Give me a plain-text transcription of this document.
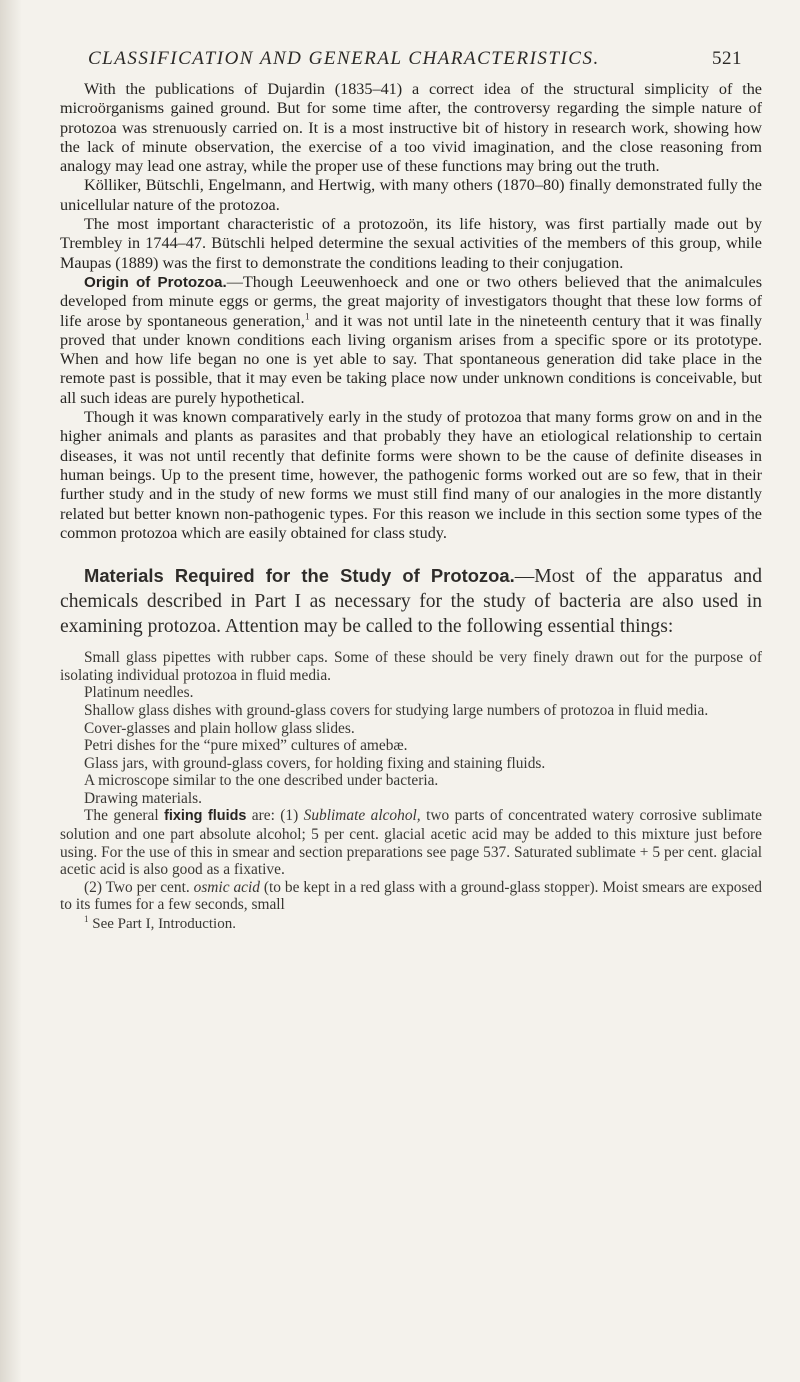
CLASSIFICATION AND GENERAL CHARACTERISTICS.	521

With the publications of Dujardin (1835–41) a correct idea of the structural simplicity of the microörganisms gained ground. But for some time after, the controversy regarding the simple nature of protozoa was strenuously carried on. It is a most instructive bit of history in research work, showing how the lack of minute observation, the exercise of a too vivid imagination, and the close reasoning from analogy may lead one astray, while the proper use of these functions may bring out the truth.

Kölliker, Bütschli, Engelmann, and Hertwig, with many others (1870–80) finally demonstrated fully the unicellular nature of the protozoa.

The most important characteristic of a protozoön, its life history, was first partially made out by Trembley in 1744–47. Bütschli helped determine the sexual activities of the members of this group, while Maupas (1889) was the first to demonstrate the conditions leading to their conjugation.

Origin of Protozoa.—Though Leeuwenhoeck and one or two others believed that the animalcules developed from minute eggs or germs, the great majority of investigators thought that these low forms of life arose by spontaneous generation,$^1$ and it was not until late in the nineteenth century that it was finally proved that under known conditions each living organism arises from a specific spore or its prototype. When and how life began no one is yet able to say. That spontaneous generation did take place in the remote past is possible, that it may even be taking place now under unknown conditions is conceivable, but all such ideas are purely hypothetical.

Though it was known comparatively early in the study of protozoa that many forms grow on and in the higher animals and plants as parasites and that probably they have an etiological relationship to certain diseases, it was not until recently that definite forms were shown to be the cause of definite diseases in human beings. Up to the present time, however, the pathogenic forms worked out are so few, that in their further study and in the study of new forms we must still find many of our analogies in the more distantly related but better known non-pathogenic types. For this reason we include in this section some types of the common protozoa which are easily obtained for class study.

Materials Required for the Study of Protozoa.—Most of the apparatus and chemicals described in Part I as necessary for the study of bacteria are also used in examining protozoa. Attention may be called to the following essential things:

Small glass pipettes with rubber caps. Some of these should be very finely drawn out for the purpose of isolating individual protozoa in fluid media.

Platinum needles.

Shallow glass dishes with ground-glass covers for studying large numbers of protozoa in fluid media.

Cover-glasses and plain hollow glass slides.

Petri dishes for the “pure mixed” cultures of amebæ.

Glass jars, with ground-glass covers, for holding fixing and staining fluids.

A microscope similar to the one described under bacteria.

Drawing materials.

The general fixing fluids are: (1) Sublimate alcohol, two parts of concentrated watery corrosive sublimate solution and one part absolute alcohol; 5 per cent. glacial acetic acid may be added to this mixture just before using. For the use of this in smear and section preparations see page 537. Saturated sublimate + 5 per cent. glacial acetic acid is also good as a fixative.

(2) Two per cent. osmic acid (to be kept in a red glass with a ground-glass stopper). Moist smears are exposed to its fumes for a few seconds, small

$^1$ See Part I, Introduction.
